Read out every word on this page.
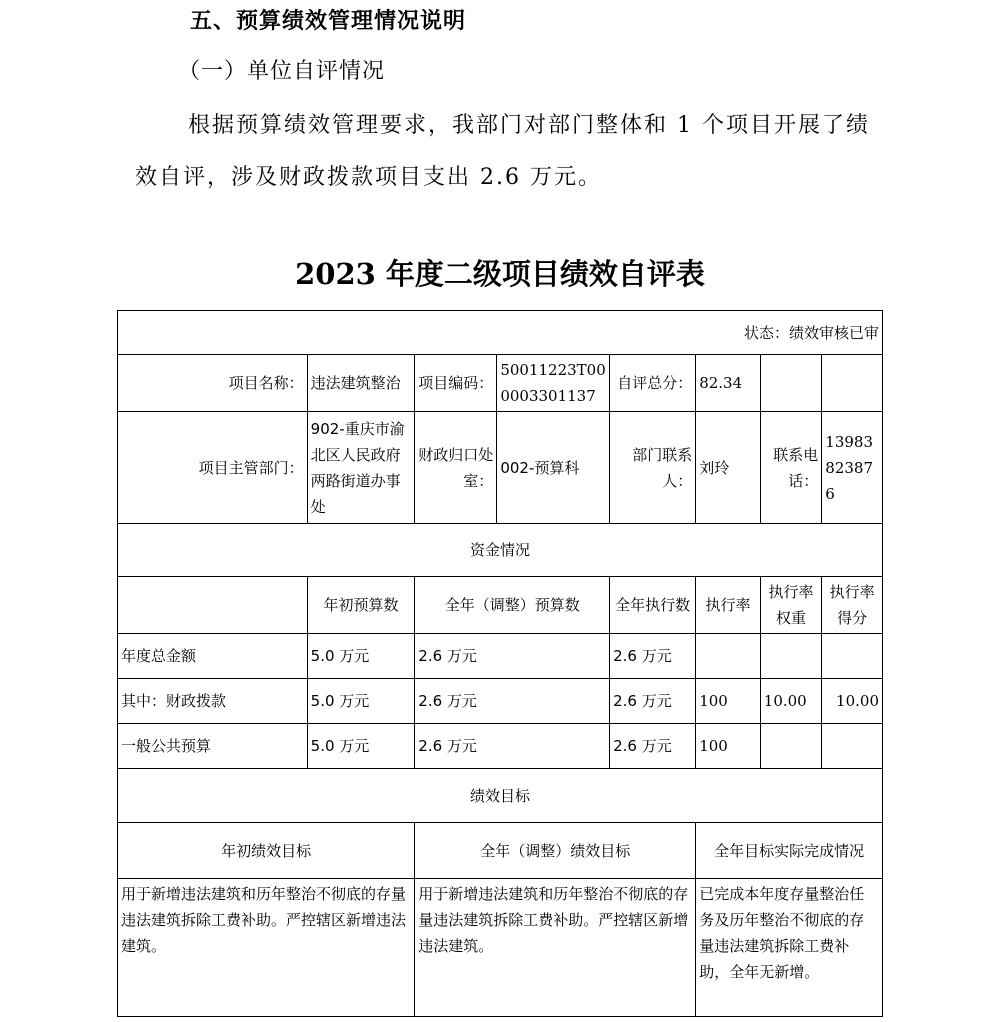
五、预算绩效管理情况说明
（一）单位自评情况
根据预算绩效管理要求，我部门对部门整体和 1 个项目开展了绩效自评，涉及财政拨款项目支出 2.6 万元。
2023 年度二级项目绩效自评表
状态：绩效审核已审							
项目名称：	违法建筑整治	项目编码：	50011223T000003301137	自评总分：	82.34		
项目主管部门：	902-重庆市渝北区人民政府两路街道办事处	财政归口处室：	002-预算科	部门联系人：	刘玲	联系电话：	13983823876
资金情况							
	年初预算数	全年（调整）预算数		全年执行数	执行率	执行率权重	执行率得分
年度总金额	5.0 万元	2.6 万元		2.6 万元			
其中：财政拨款	5.0 万元	2.6 万元		2.6 万元	100	10.00	10.00
一般公共预算	5.0 万元	2.6 万元		2.6 万元	100		
绩效目标							
年初绩效目标		全年（调整）绩效目标			全年目标实际完成情况		
用于新增违法建筑和历年整治不彻底的存量违法建筑拆除工费补助。严控辖区新增违法建筑。		用于新增违法建筑和历年整治不彻底的存量违法建筑拆除工费补助。严控辖区新增违法建筑。			已完成本年度存量整治任务及历年整治不彻底的存量违法建筑拆除工费补助，全年无新增。		
